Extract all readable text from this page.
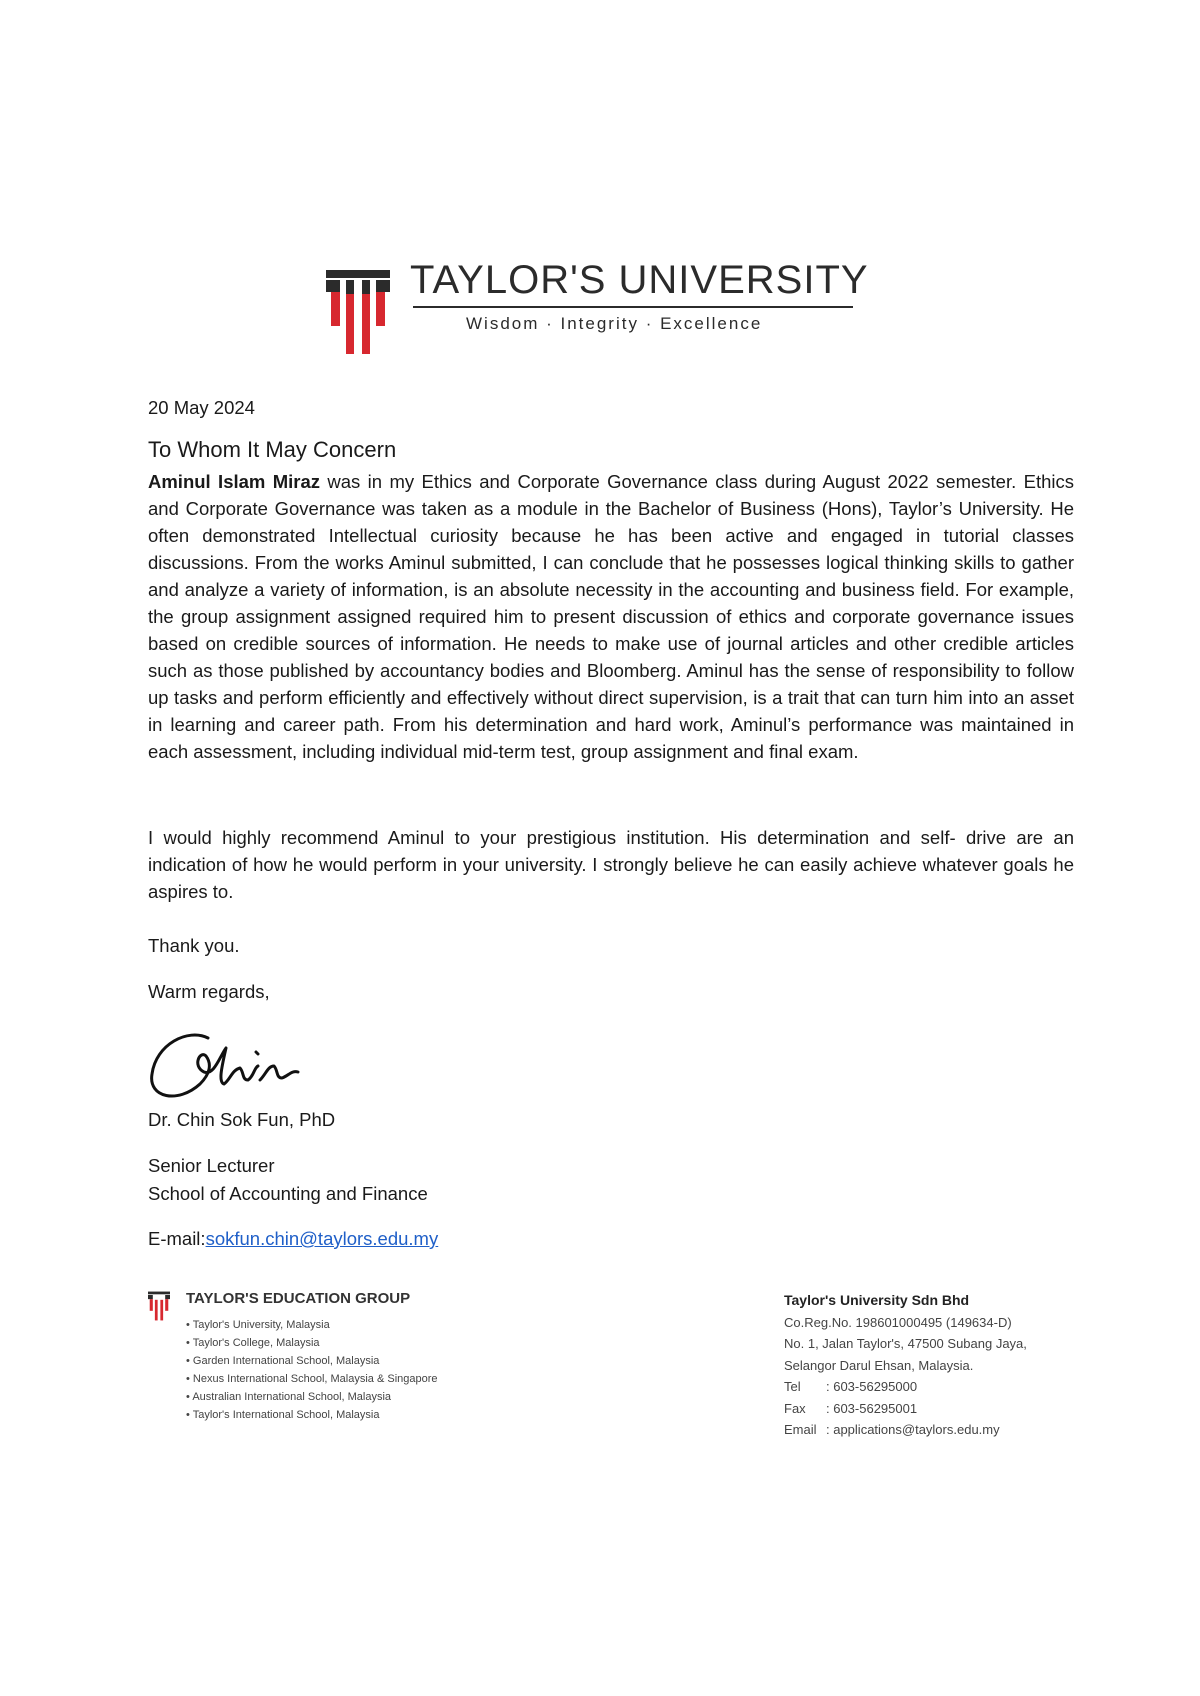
TAYLOR'S UNIVERSITY
Wisdom · Integrity · Excellence
20 May 2024
To Whom It May Concern
Aminul Islam Miraz was in my Ethics and Corporate Governance class during August 2022 semester. Ethics and Corporate Governance was taken as a module in the Bachelor of Business (Hons), Taylor’s University. He often demonstrated Intellectual curiosity because he has been active and engaged in tutorial classes discussions. From the works Aminul submitted, I can conclude that he possesses logical thinking skills to gather and analyze a variety of information, is an absolute necessity in the accounting and business field. For example, the group assignment assigned required him to present discussion of ethics and corporate governance issues based on credible sources of information. He needs to make use of journal articles and other credible articles such as those published by accountancy bodies and Bloomberg. Aminul has the sense of responsibility to follow up tasks and perform efficiently and effectively without direct supervision, is a trait that can turn him into an asset in learning and career path. From his determination and hard work, Aminul’s performance was maintained in each assessment, including individual mid-term test, group assignment and final exam.
I would highly recommend Aminul to your prestigious institution. His determination and self- drive are an indication of how he would perform in your university. I strongly believe he can easily achieve whatever goals he aspires to.
Thank you.
Warm regards,
Dr. Chin Sok Fun, PhD
Senior Lecturer
School of Accounting and Finance
E-mail:sokfun.chin@taylors.edu.my
TAYLOR'S EDUCATION GROUP
• Taylor's University, Malaysia
• Taylor's College, Malaysia
• Garden International School, Malaysia
• Nexus International School, Malaysia & Singapore
• Australian International School, Malaysia
• Taylor's International School, Malaysia
Taylor's University Sdn Bhd
Co.Reg.No. 198601000495 (149634-D)
No. 1, Jalan Taylor's, 47500 Subang Jaya,
Selangor Darul Ehsan, Malaysia.
Tel : 603-56295000
Fax : 603-56295001
Email : applications@taylors.edu.my
